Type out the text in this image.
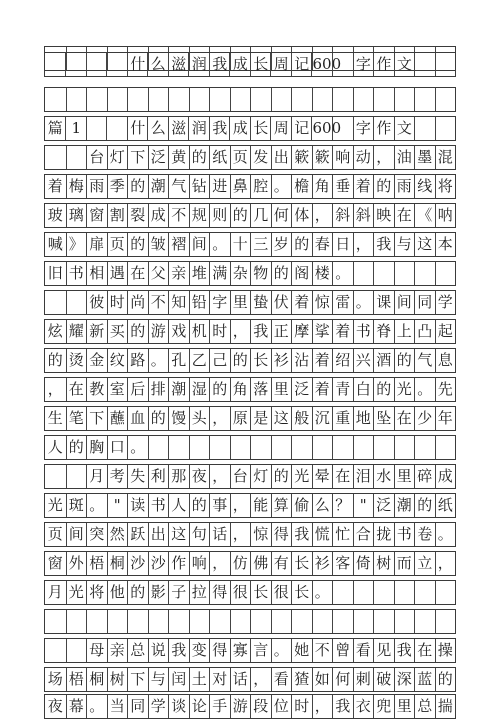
什 么 滋 润 我 成 长 周 记 600 字 作 文
篇 1	什 么 滋 润 我 成 长 周 记 600 字 作 文
台 灯 下 泛 黄 的 纸 页 发 出 簌 簌 响 动 ， 油 墨 混
着 梅 雨 季 的 潮 气 钻 进 鼻 腔 。 檐 角 垂 着 的 雨 线 将
玻 璃 窗 割 裂 成 不 规 则 的 几 何 体 ， 斜 斜 映 在 《 呐
喊 》 扉 页 的 皱 褶 间 。 十 三 岁 的 春 日 ， 我 与 这 本
旧 书 相 遇 在 父 亲 堆 满 杂 物 的 阁 楼 。
彼 时 尚 不 知 铅 字 里 蛰 伏 着 惊 雷 。 课 间 同 学
炫 耀 新 买 的 游 戏 机 时 ， 我 正 摩 挲 着 书 脊 上 凸 起
的 烫 金 纹 路 。 孔 乙 己 的 长 衫 沾 着 绍 兴 酒 的 气 息
， 在 教 室 后 排 潮 湿 的 角 落 里 泛 着 青 白 的 光 。 先
生 笔 下 蘸 血 的 馒 头 ， 原 是 这 般 沉 重 地 坠 在 少 年
人 的 胸 口 。
月 考 失 利 那 夜 ， 台 灯 的 光 晕 在 泪 水 里 碎 成
光 斑 。 " 读 书 人 的 事 ， 能 算 偷 么 ？ " 泛 潮 的 纸
页 间 突 然 跃 出 这 句 话 ， 惊 得 我 慌 忙 合 拢 书 卷 。
窗 外 梧 桐 沙 沙 作 响 ， 仿 佛 有 长 衫 客 倚 树 而 立 ，
月 光 将 他 的 影 子 拉 得 很 长 很 长 。
母 亲 总 说 我 变 得 寡 言 。 她 不 曾 看 见 我 在 操
场 梧 桐 树 下 与 闰 土 对 话 ， 看 猹 如 何 刺 破 深 蓝 的
夜 幕 。 当 同 学 谈 论 手 游 段 位 时 ， 我 衣 兜 里 总 揣
